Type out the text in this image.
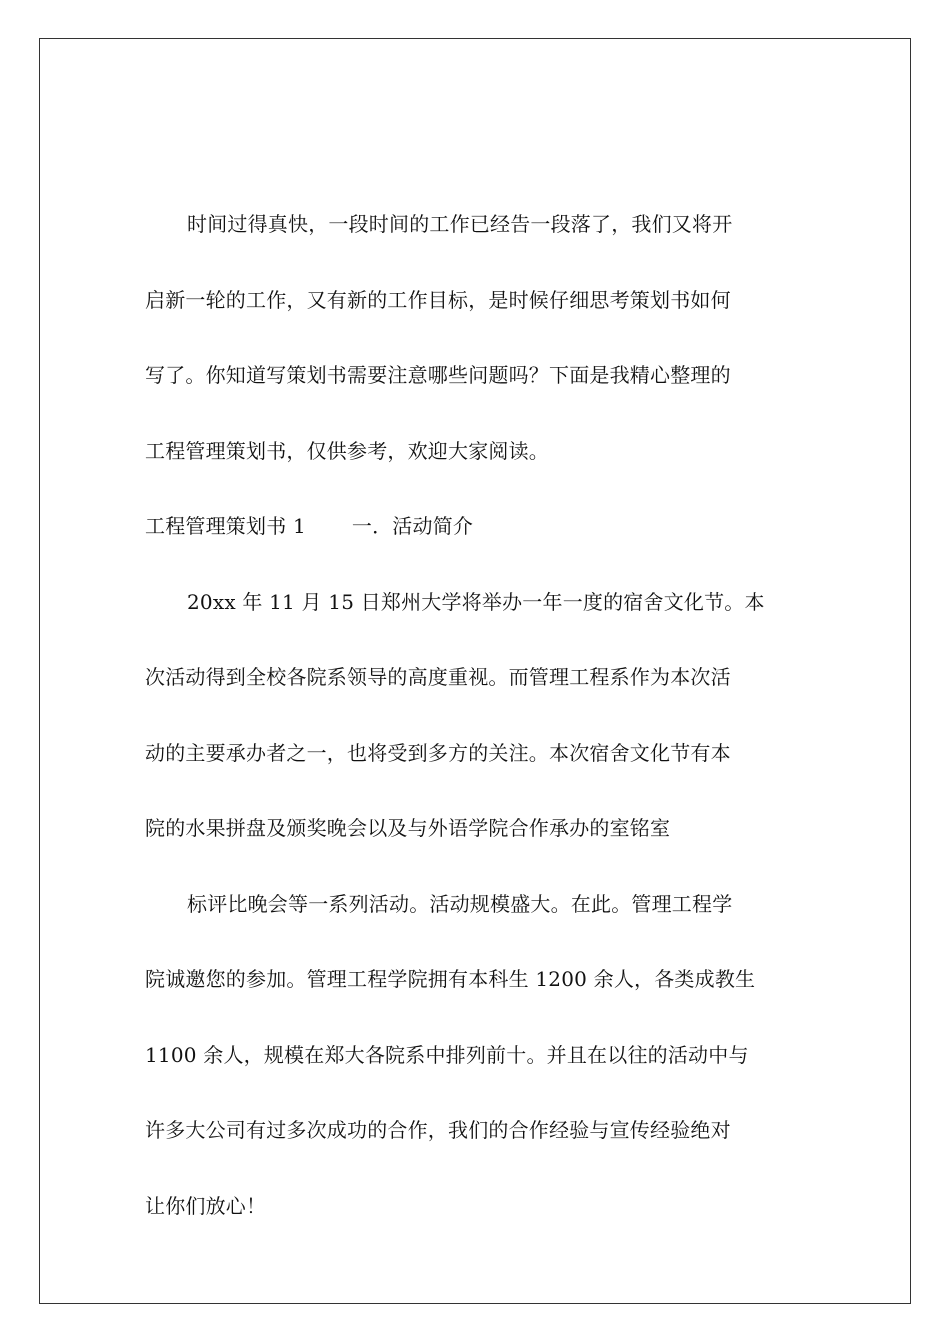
时间过得真快，一段时间的工作已经告一段落了，我们又将开
启新一轮的工作，又有新的工作目标，是时候仔细思考策划书如何
写了。你知道写策划书需要注意哪些问题吗？下面是我精心整理的
工程管理策划书，仅供参考，欢迎大家阅读。
工程管理策划书 1 一．活动简介
20xx 年 11 月 15 日郑州大学将举办一年一度的宿舍文化节。本
次活动得到全校各院系领导的高度重视。而管理工程系作为本次活
动的主要承办者之一，也将受到多方的关注。本次宿舍文化节有本
院的水果拼盘及颁奖晚会以及与外语学院合作承办的室铭室
标评比晚会等一系列活动。活动规模盛大。在此。管理工程学
院诚邀您的参加。管理工程学院拥有本科生 1200 余人，各类成教生
1100 余人，规模在郑大各院系中排列前十。并且在以往的活动中与
许多大公司有过多次成功的合作，我们的合作经验与宣传经验绝对
让你们放心！
